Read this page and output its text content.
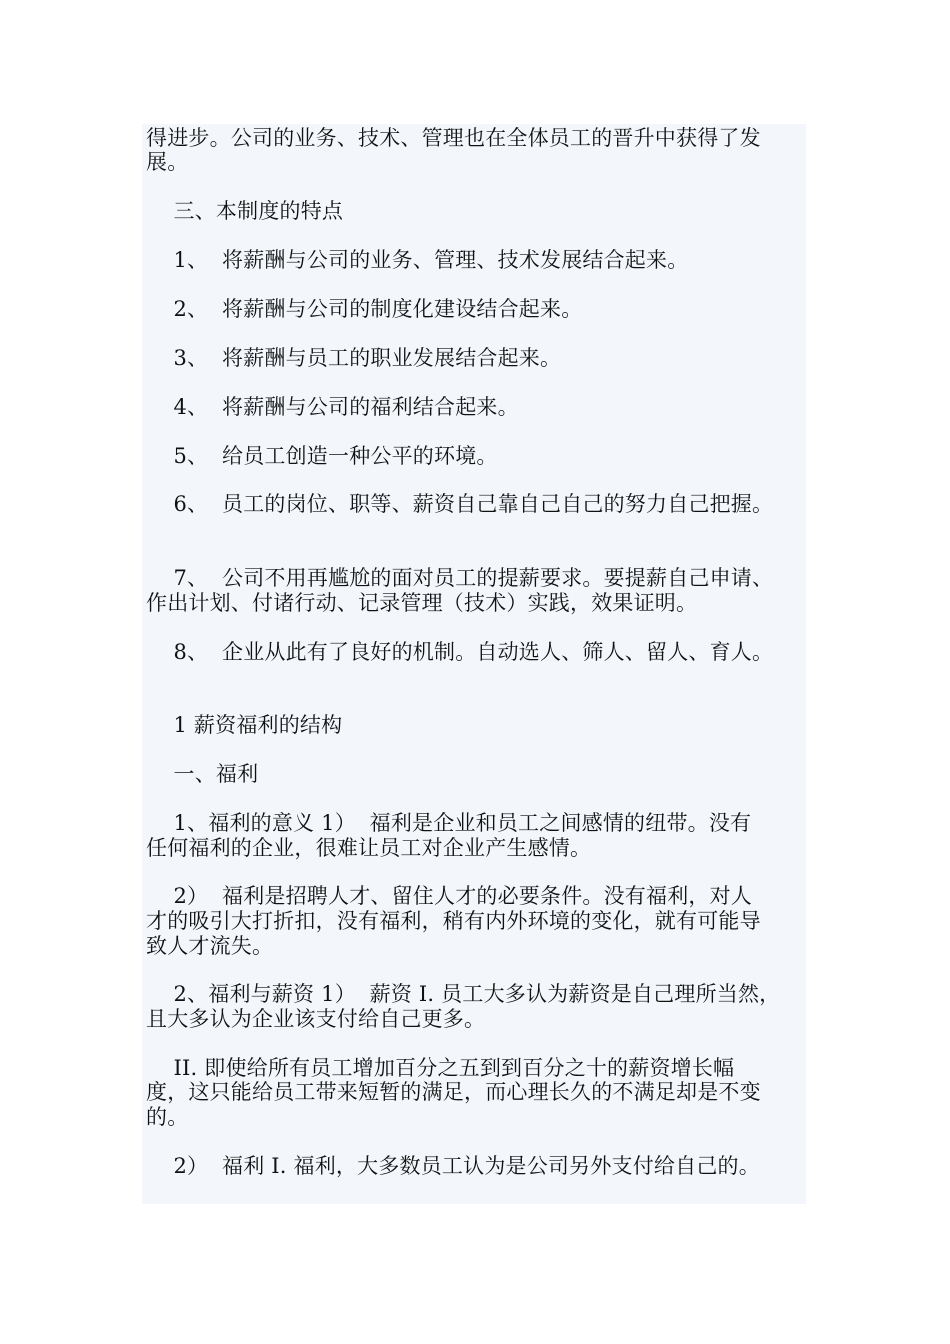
得进步。公司的业务、技术、管理也在全体员工的晋升中获得了发
展。
三、本制度的特点
1、  将薪酬与公司的业务、管理、技术发展结合起来。
2、  将薪酬与公司的制度化建设结合起来。
3、  将薪酬与员工的职业发展结合起来。
4、  将薪酬与公司的福利结合起来。
5、  给员工创造一种公平的环境。
6、  员工的岗位、职等、薪资自己靠自己自己的努力自己把握。
7、  公司不用再尴尬的面对员工的提薪要求。要提薪自己申请、
作出计划、付诸行动、记录管理（技术）实践，效果证明。
8、  企业从此有了良好的机制。自动选人、筛人、留人、育人。
1 薪资福利的结构
一、福利
1、福利的意义 1）  福利是企业和员工之间感情的纽带。没有
任何福利的企业，很难让员工对企业产生感情。
2）  福利是招聘人才、留住人才的必要条件。没有福利，对人
才的吸引大打折扣，没有福利，稍有内外环境的变化，就有可能导
致人才流失。
2、福利与薪资 1）  薪资 I. 员工大多认为薪资是自己理所当然，
且大多认为企业该支付给自己更多。
II. 即使给所有员工增加百分之五到到百分之十的薪资增长幅
度，这只能给员工带来短暂的满足，而心理长久的不满足却是不变
的。
2）  福利 I. 福利，大多数员工认为是公司另外支付给自己的。
